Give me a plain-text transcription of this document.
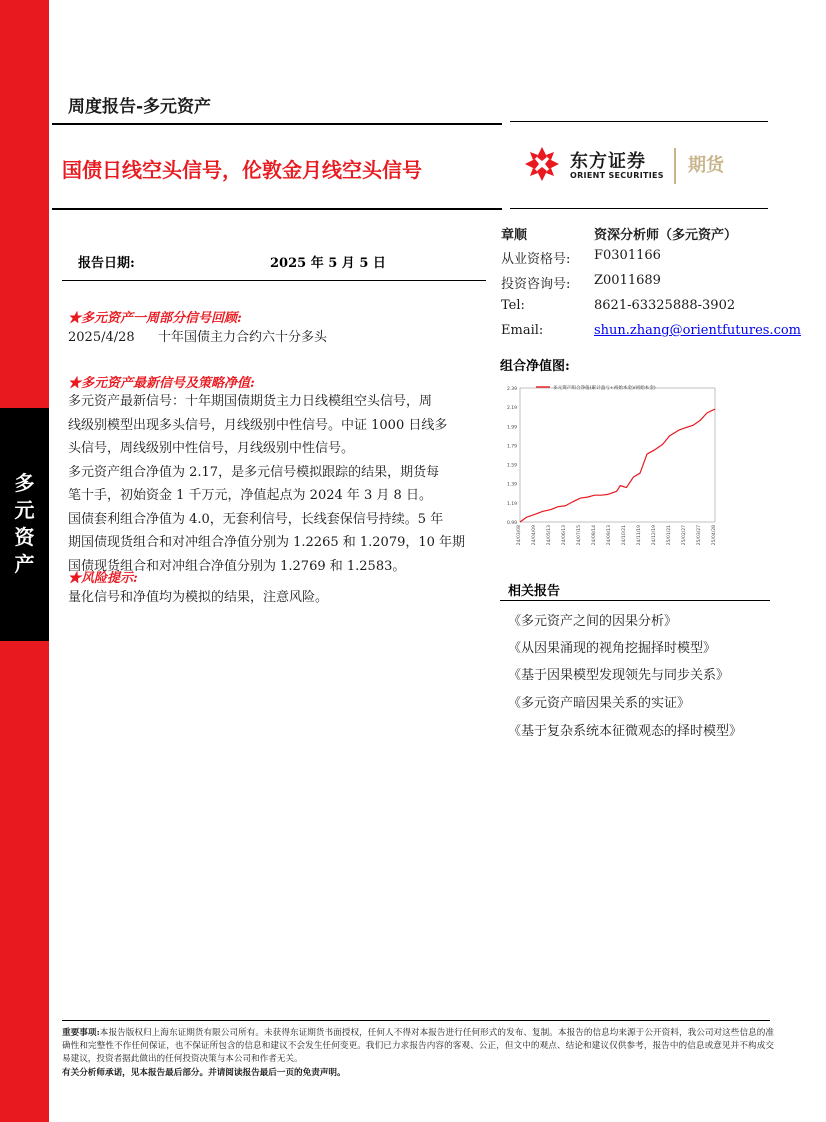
多
元
资
产
周度报告-多元资产
国债日线空头信号，伦敦金月线空头信号	东方证券
ORIENT SECURITIES 期货
报告日期:	2025 年 5 月 5 日
章顺	资深分析师（多元资产）
从业资格号: F0301166
投资咨询号: Z0011689
Tel:	8621-63325888-3902
Email:	shun.zhang@orientfutures.com
★多元资产一周部分信号回顾:
2025/4/28 十年国债主力合约六十分多头
★多元资产最新信号及策略净值:
多元资产最新信号：十年期国债期货主力日线模组空头信号，周
线级别模型出现多头信号，月线级别中性信号。中证 1000 日线多
头信号，周线级别中性信号，月线级别中性信号。
多元资产组合净值为 2.17，是多元信号模拟跟踪的结果，期货每
笔十手，初始资金 1 千万元，净值起点为 2024 年 3 月 8 日。
国债套利组合净值为 4.0，无套利信号，长线套保信号持续。5 年
期国债现货组合和对冲组合净值分别为 1.2265 和 1.2079，10 年期
国债现货组合和对冲组合净值分别为 1.2769 和 1.2583。
★风险提示:
量化信号和净值均为模拟的结果，注意风险。
组合净值图:
0.99
1.19
1.39
1.59
1.79
1.99
2.19
2.39
24/03/08 24/04/09 24/05/13 24/06/13 24/07/15 24/08/14 24/09/13 24/10/21 24/11/19 24/12/19 25/01/21 25/02/27 25/03/27 25/04/28
多元资产组合净值(累计盈亏+初始本金)/初始本金)
相关报告
《多元资产之间的因果分析》
《从因果涌现的视角挖掘择时模型》
《基于因果模型发现领先与同步关系》
《多元资产暗因果关系的实证》
《基于复杂系统本征微观态的择时模型》
重要事项:本报告版权归上海东证期货有限公司所有。未获得东证期货书面授权，任何人不得对本报告进行任何形式的发布、复制。本报告的信息均来源于公开资料，我公司对这些信息的准确性和完整性不作任何保证，也不保证所包含的信息和建议不会发生任何变更。我们已力求报告内容的客观、公正，但文中的观点、结论和建议仅供参考，报告中的信息或意见并不构成交易建议，投资者据此做出的任何投资决策与本公司和作者无关。
有关分析师承诺，见本报告最后部分。并请阅读报告最后一页的免责声明。
